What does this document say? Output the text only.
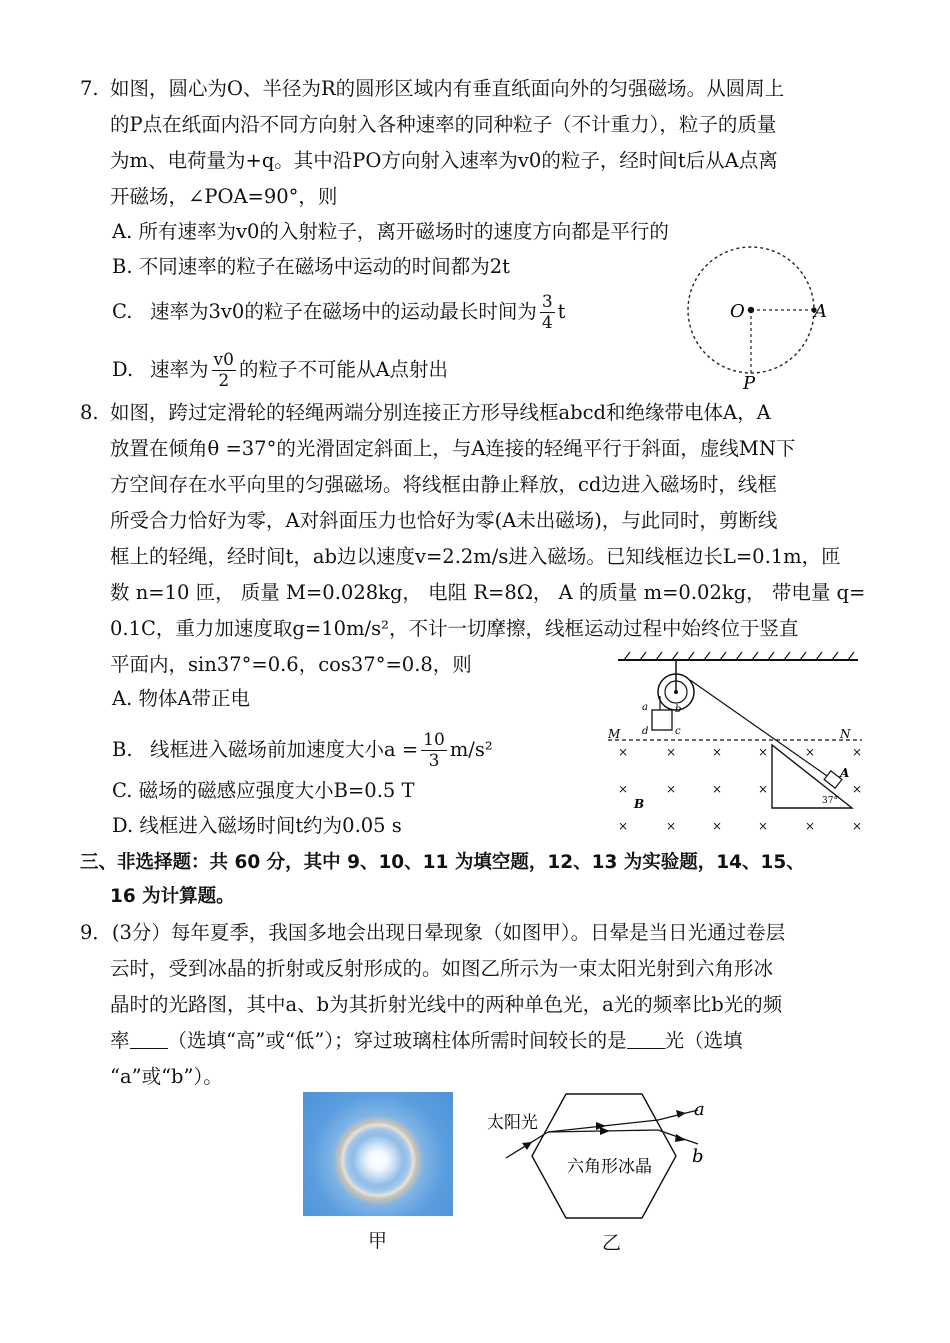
7. 如图，圆心为O、半径为R的圆形区域内有垂直纸面向外的匀强磁场。从圆周上
的P点在纸面内沿不同方向射入各种速率的同种粒子（不计重力），粒子的质量
为m、电荷量为+q。其中沿PO方向射入速率为v0的粒子，经时间t后从A点离
开磁场，∠POA=90°，则
A. 所有速率为v0的入射粒子，离开磁场时的速度方向都是平行的
B. 不同速率的粒子在磁场中运动的时间都为2t
C. 速率为3v0的粒子在磁场中的运动最长时间为 $\frac{3}{4}$ t
D. 速率为 $\frac{v0}{2}$ 的粒子不可能从A点射出
O	A
P
8. 如图，跨过定滑轮的轻绳两端分别连接正方形导线框abcd和绝缘带电体A，A
放置在倾角θ =37°的光滑固定斜面上，与A连接的轻绳平行于斜面，虚线MN下
方空间存在水平向里的匀强磁场。将线框由静止释放，cd边进入磁场时，线框
所受合力恰好为零，A对斜面压力也恰好为零(A未出磁场)，与此同时，剪断线
框上的轻绳，经时间t，ab边以速度v=2.2m/s进入磁场。已知线框边长L=0.1m，匝
数 n=10 匝， 质量 M=0.028kg， 电阻 R=8Ω， A 的质量 m=0.02kg， 带电量 q=
0.1C，重力加速度取g=10m/s²，不计一切摩擦，线框运动过程中始终位于竖直
平面内，sin37°=0.6，cos37°=0.8，则
A. 物体A带正电
B. 线框进入磁场前加速度大小$a = \frac{10}{3} m/s^2$
C. 磁场的磁感应强度大小B=0.5 T
D. 线框进入磁场时间t约为0.05 s
a	b
d	c
M	N
A
37°
×	×	×	×	×	×
×	×	×	×	×
×	×	×	×	×	×
B
三、非选择题：共 60 分，其中 9、10、11 为填空题，12、13 为实验题，14、15、
16 为计算题。
9．(3分）每年夏季，我国多地会出现日晕现象（如图甲）。日晕是当日光通过卷层
云时，受到冰晶的折射或反射形成的。如图乙所示为一束太阳光射到六角形冰
晶时的光路图，其中a、b为其折射光线中的两种单色光，a光的频率比b光的频
率 （选填“高”或“低”）；穿过玻璃柱体所需时间较长的是 光（选填
“a”或“b”）。
甲
太阳光
六角形冰晶
a
b
乙
